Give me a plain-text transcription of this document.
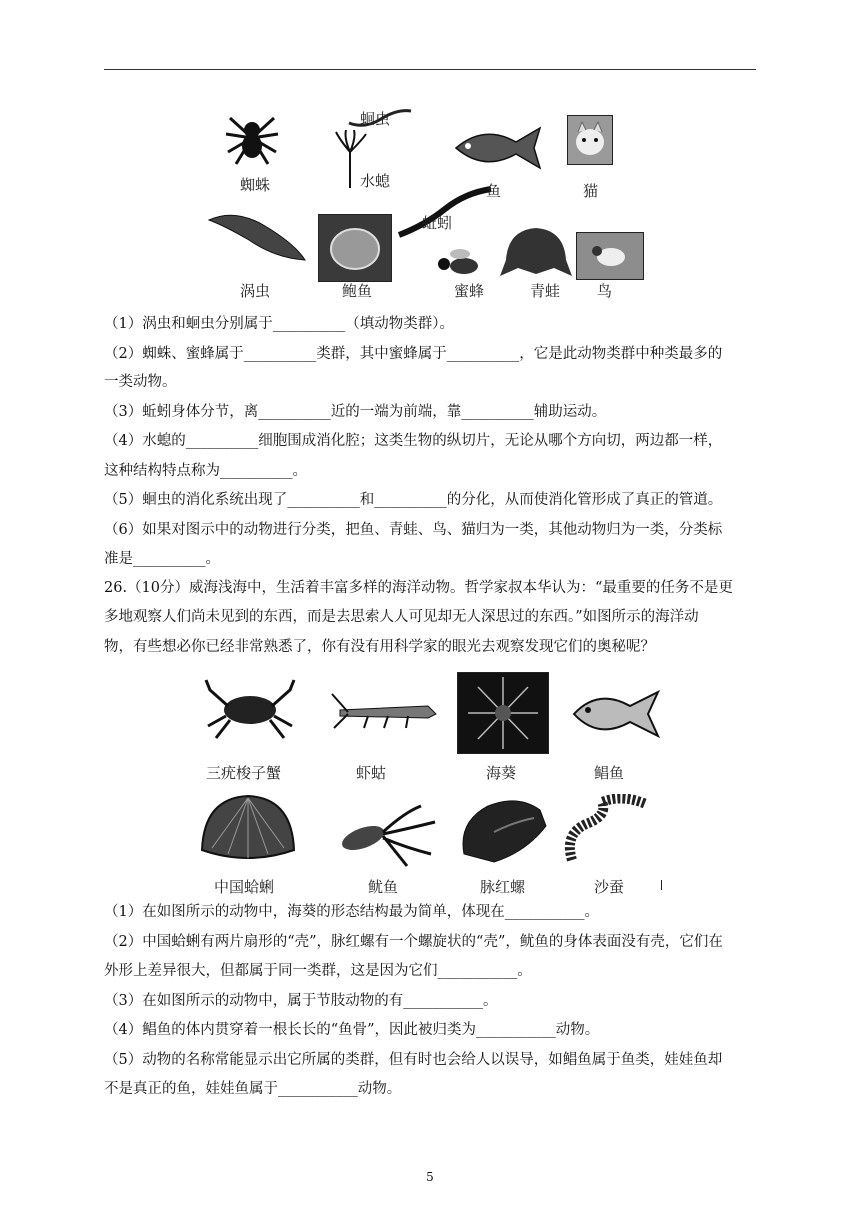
蜘蛛
蛔虫
水螅
鱼	猫
涡虫	鲍鱼
蚯蚓
蜜蜂	青蛙 鸟
（1）涡虫和蛔虫分别属于__________（填动物类群）。
（2）蜘蛛、蜜蜂属于__________类群，其中蜜蜂属于__________，它是此动物类群中种类最多的
一类动物。
（3）蚯蚓身体分节，离__________近的一端为前端，靠__________辅助运动。
（4）水螅的__________细胞围成消化腔；这类生物的纵切片，无论从哪个方向切，两边都一样，
这种结构特点称为__________。
（5）蛔虫的消化系统出现了__________和__________的分化，从而使消化管形成了真正的管道。
（6）如果对图示中的动物进行分类，把鱼、青蛙、鸟、猫归为一类，其他动物归为一类，分类标
准是__________。
26.（10分）威海浅海中，生活着丰富多样的海洋动物。哲学家叔本华认为：“最重要的任务不是更
多地观察人们尚未见到的东西，而是去思索人人可见却无人深思过的东西。”如图所示的海洋动
物，有些想必你已经非常熟悉了，你有没有用科学家的眼光去观察发现它们的奥秘呢？
三疣梭子蟹	虾蛄	海葵	鲳鱼
中国蛤蜊	鱿鱼	脉红螺	沙蚕
（1）在如图所示的动物中，海葵的形态结构最为简单，体现在___________。
（2）中国蛤蜊有两片扇形的“壳”，脉红螺有一个螺旋状的“壳”，鱿鱼的身体表面没有壳，它们在
外形上差异很大，但都属于同一类群，这是因为它们___________。
（3）在如图所示的动物中，属于节肢动物的有___________。
（4）鲳鱼的体内贯穿着一根长长的“鱼骨”，因此被归类为___________动物。
（5）动物的名称常能显示出它所属的类群，但有时也会给人以误导，如鲳鱼属于鱼类，娃娃鱼却
不是真正的鱼，娃娃鱼属于___________动物。
5
